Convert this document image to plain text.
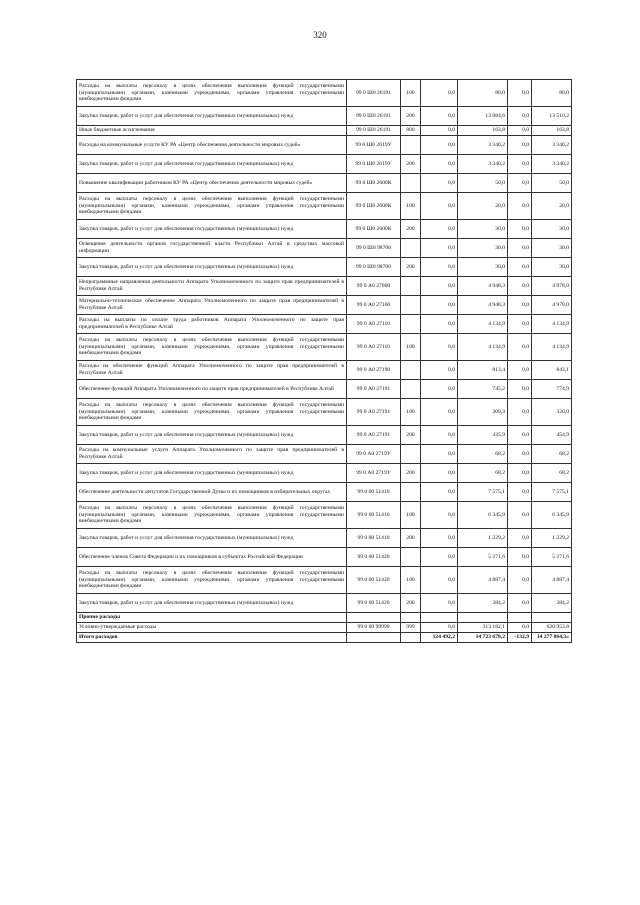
320
Расходы на выплаты персоналу в целях обеспечения выполнения функций государственными (муниципальными) органами, казенными учреждениями, органами управления государственными внебюджетными фондами	99 0 Ш0 26191	100	0,0	80,0	0,0	80,0
Закупка товаров, работ и услуг для обеспечения государственных (муниципальных) нужд	99 0 Ш0 26191	200	0,0	13 084,6	0,0	13 510,2
Иные бюджетные ассигнования	99 0 Ш0 26191	800	0,0	163,8	0,0	163,8
Расходы на коммунальные услуги КУ РА «Центр обеспечения деятельности мировых судей»	99 0 Ш0 2619У		0,0	3 340,2	0,0	3 340,2
Закупка товаров, работ и услуг для обеспечения государственных (муниципальных) нужд	99 0 Ш0 2619У	200	0,0	3 340,2	0,0	3 340,2
Повышение квалификации работников КУ РА «Центр обеспечения деятельности мировых судей»	99 0 Ш0 2600К		0,0	50,0	0,0	50,0
Расходы на выплаты персоналу в целях обеспечения выполнения функций государственными (муниципальными) органами, казенными учреждениями, органами управления государственными внебюджетными фондами	99 0 Ш0 2600К	100	0,0	20,0	0,0	20,0
Закупка товаров, работ и услуг для обеспечения государственных (муниципальных) нужд	99 0 Ш0 2600К	200	0,0	30,0	0,0	30,0
Освещение деятельности органов государственной власти Республики Алтай в средствах массовой информации	99 0 Ш0 98700		0,0	30,0	0,0	30,0
Закупка товаров, работ и услуг для обеспечения государственных (муниципальных) нужд	99 0 Ш0 98700	200	0,0	30,0	0,0	30,0
Непрограммные направления деятельности Аппарата Уполномоченного по защите прав предпринимателей в Республике Алтай	99 0 А0 27000		0,0	4 948,3	0,0	4 978,0
Материально-техническое обеспечение Аппарата Уполномоченного по защите прав предпринимателей в Республике Алтай	99 0 А0 27100		0,0	4 948,3	0,0	4 978,0
Расходы на выплаты по оплате труда работников Аппарата Уполномоченного по защите прав предпринимателей в Республике Алтай	99 0 А0 27110		0,0	4 134,9	0,0	4 134,9
Расходы на выплаты персоналу в целях обеспечения выполнения функций государственными (муниципальными) органами, казенными учреждениями, органами управления государственными внебюджетными фондами	99 0 А0 27110	100	0,0	4 134,9	0,0	4 134,9
Расходы на обеспечение функций Аппарата Уполномоченного по защите прав предпринимателей в Республике Алтай	99 0 А0 27190		0,0	813,4	0,0	843,1
Обеспечение функций Аппарата Уполномоченного по защите прав предпринимателей в Республике Алтай	99 0 А0 27191		0,0	745,2	0,0	774,9
Расходы на выплаты персоналу в целях обеспечения выполнения функций государственными (муниципальными) органами, казенными учреждениями, органами управления государственными внебюджетными фондами	99 0 А0 27191	100	0,0	309,3	0,0	320,0
Закупка товаров, работ и услуг для обеспечения государственных (муниципальных) нужд	99 0 А0 27191	200	0,0	435,9	0,0	454,9
Расходы на коммунальные услуги Аппарата Уполномоченного по защите прав предпринимателей в Республике Алтай	99 0 А0 2719У		0,0	68,2	0,0	68,2
Закупка товаров, работ и услуг для обеспечения государственных (муниципальных) нужд	99 0 А0 2719У	200	0,0	68,2	0,0	68,2
Обеспечение деятельности депутатов Государственной Думы и их помощников в избирательных округах	99 0 00 51410		0,0	7 575,1	0,0	7 575,1
Расходы на выплаты персоналу в целях обеспечения выполнения функций государственными (муниципальными) органами, казенными учреждениями, органами управления государственными внебюджетными фондами	99 0 00 51410	100	0,0	6 345,9	0,0	6 345,9
Закупка товаров, работ и услуг для обеспечения государственных (муниципальных) нужд	99 0 00 51410	200	0,0	1 229,2	0,0	1 229,2
Обеспечение членов Совета Федерации и их помощников в субъектах Российской Федерации	99 0 00 51420		0,0	5 271,6	0,0	5 271,6
Расходы на выплаты персоналу в целях обеспечения выполнения функций государственными (муниципальными) органами, казенными учреждениями, органами управления государственными внебюджетными фондами	99 0 00 51420	100	0,0	4 887,4	0,0	4 887,4
Закупка товаров, работ и услуг для обеспечения государственных (муниципальных) нужд	99 0 00 51420	200	0,0	384,2	0,0	384,2
Прочие расходы						
Условно-утверждаемые расходы	99 0 00 99999	999	0,0	313 182,1	0,0	620 953,8
Итого расходов			124 492,2	14 723 678,2	-132,9	14 277 864,3»
